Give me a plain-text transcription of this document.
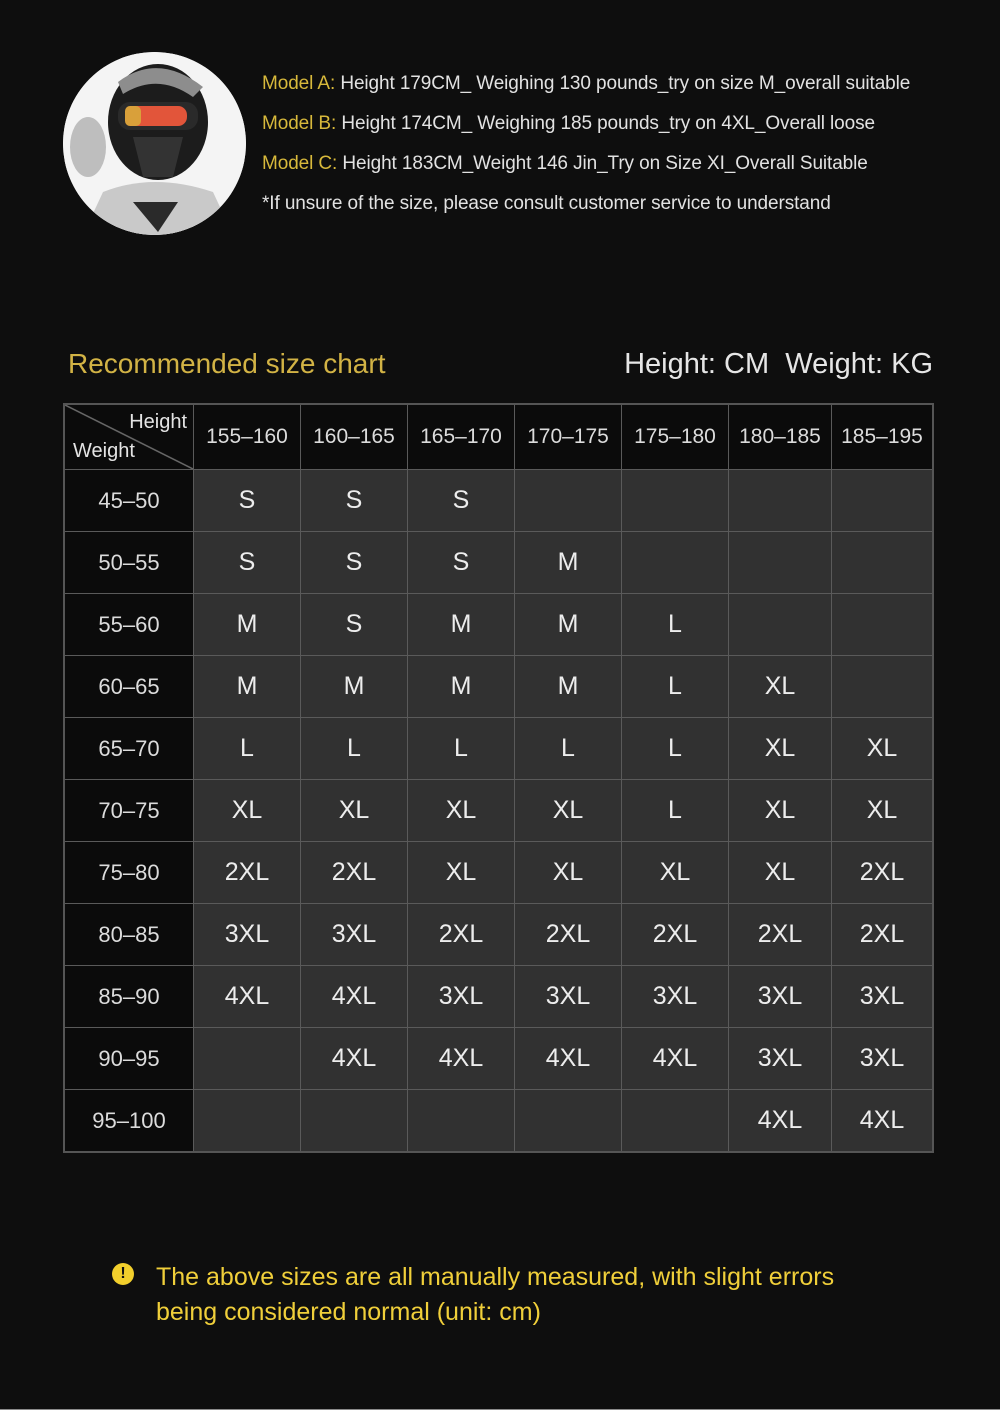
Model A: Height 179CM_ Weighing 130 pounds_try on size M_overall suitable
Model B: Height 174CM_ Weighing 185 pounds_try on 4XL_Overall loose
Model C: Height 183CM_Weight 146 Jin_Try on Size XI_Overall Suitable
*If unsure of the size, please consult customer service to understand
Recommended size chart	Height: CM  Weight: KG
Height
Weight	155–160	160–165	165–170	170–175	175–180	180–185	185–195
45–50	S	S	S				
50–55	S	S	S	M			
55–60	M	S	M	M	L		
60–65	M	M	M	M	L	XL	
65–70	L	L	L	L	L	XL	XL
70–75	XL	XL	XL	XL	L	XL	XL
75–80	2XL	2XL	XL	XL	XL	XL	2XL
80–85	3XL	3XL	2XL	2XL	2XL	2XL	2XL
85–90	4XL	4XL	3XL	3XL	3XL	3XL	3XL
90–95		4XL	4XL	4XL	4XL	3XL	3XL
95–100						4XL	4XL
!	The above sizes are all manually measured, with slight errors being considered normal (unit: cm)
